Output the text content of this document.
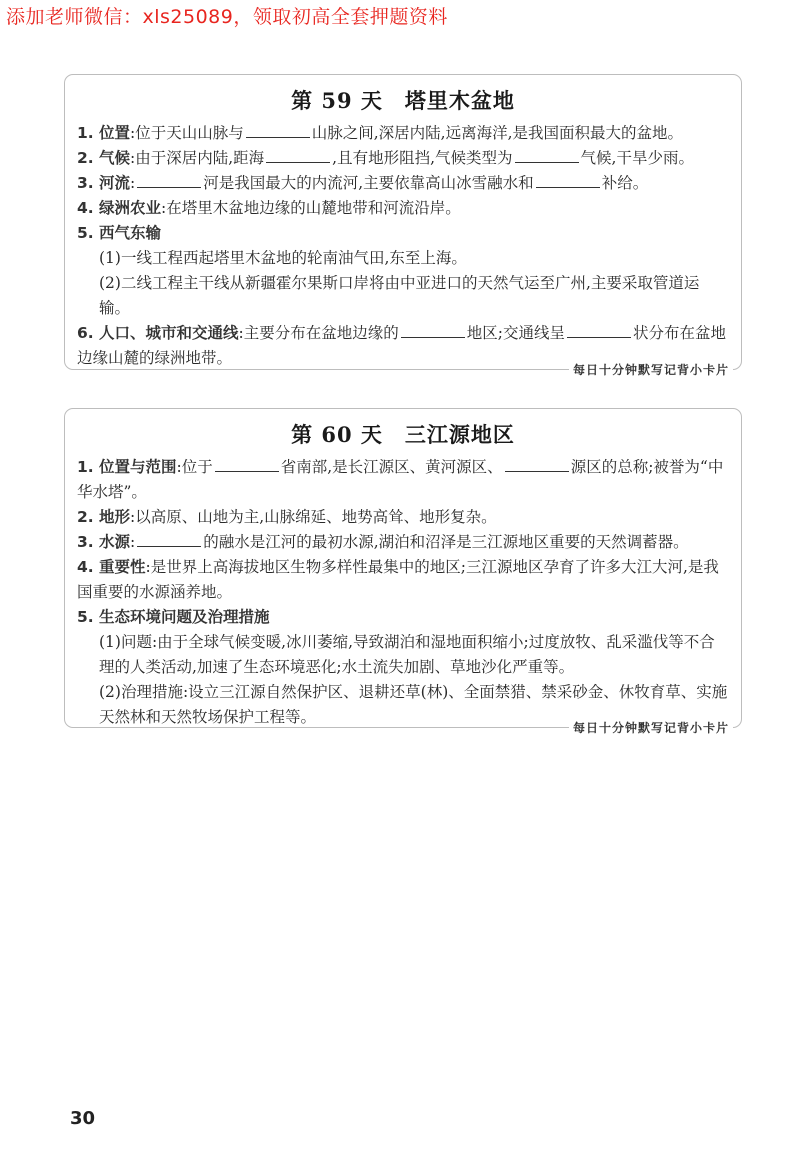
添加老师微信：xls25089，领取初高全套押题资料
第 59 天　塔里木盆地

1. 位置:位于天山山脉与	山脉之间,深居内陆,远离海洋,是我国面积最大的盆地。

2. 气候:由于深居内陆,距海	,且有地形阻挡,气候类型为	气候,干旱少雨。

3. 河流:	河是我国最大的内流河,主要依靠高山冰雪融水和	补给。

4. 绿洲农业:在塔里木盆地边缘的山麓地带和河流沿岸。

5. 西气东输

(1)一线工程西起塔里木盆地的轮南油气田,东至上海。

(2)二线工程主干线从新疆霍尔果斯口岸将由中亚进口的天然气运至广州,主要采取管道运输。

6. 人口、城市和交通线:主要分布在盆地边缘的	地区;交通线呈	状分布在盆地边缘山麓的绿洲地带。

每日十分钟默写记背小卡片
第 60 天　三江源地区

1. 位置与范围:位于	省南部,是长江源区、黄河源区、	源区的总称;被誉为“中华水塔”。

2. 地形:以高原、山地为主,山脉绵延、地势高耸、地形复杂。

3. 水源:	的融水是江河的最初水源,湖泊和沼泽是三江源地区重要的天然调蓄器。

4. 重要性:是世界上高海拔地区生物多样性最集中的地区;三江源地区孕育了许多大江大河,是我国重要的水源涵养地。

5. 生态环境问题及治理措施

(1)问题:由于全球气候变暖,冰川萎缩,导致湖泊和湿地面积缩小;过度放牧、乱采滥伐等不合理的人类活动,加速了生态环境恶化;水土流失加剧、草地沙化严重等。

(2)治理措施:设立三江源自然保护区、退耕还草(林)、全面禁猎、禁采砂金、休牧育草、实施天然林和天然牧场保护工程等。

每日十分钟默写记背小卡片
30
